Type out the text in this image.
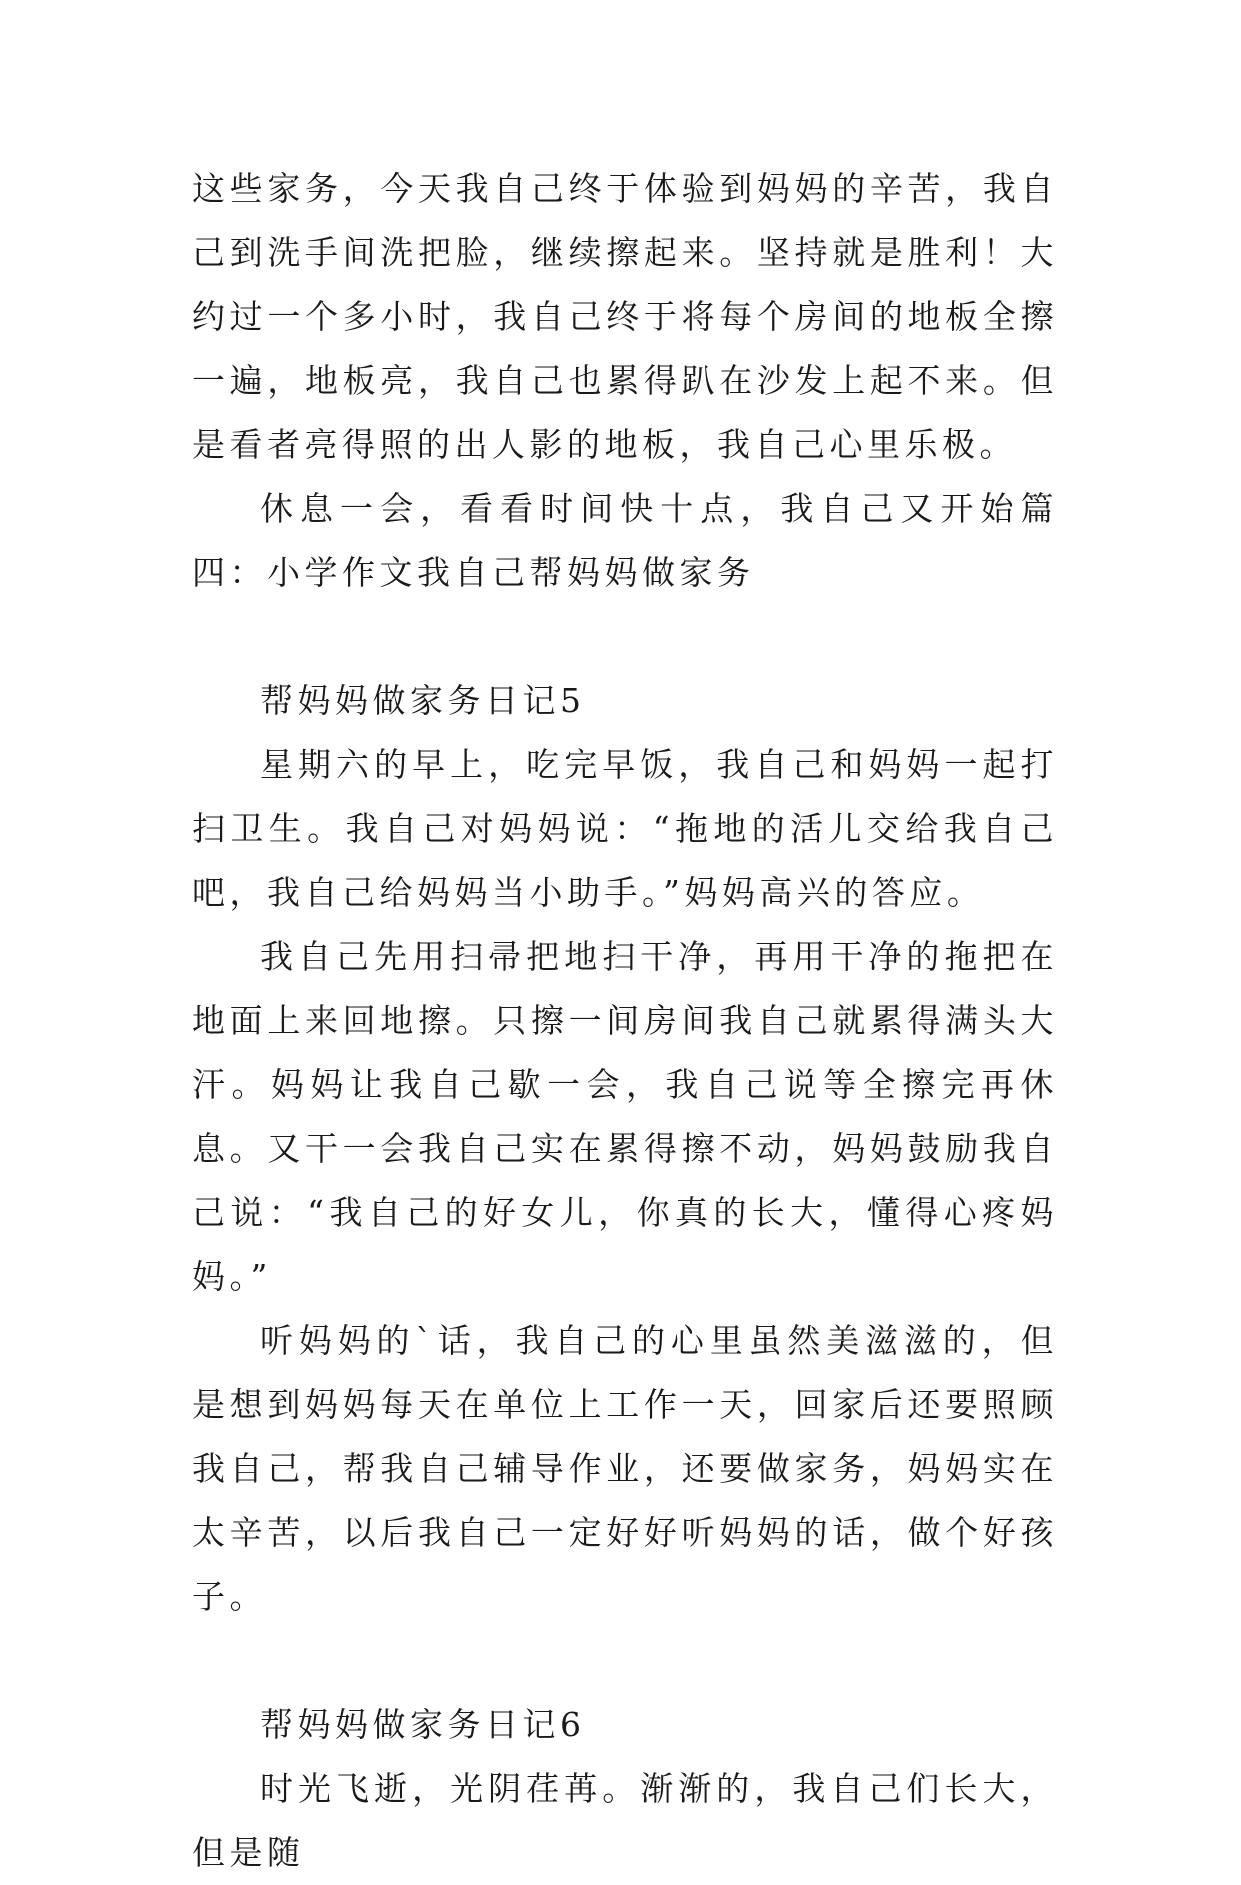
这些家务，今天我自己终于体验到妈妈的辛苦，我自己到洗手间洗把脸，继续擦起来。坚持就是胜利！大约过一个多小时，我自己终于将每个房间的地板全擦一遍，地板亮，我自己也累得趴在沙发上起不来。但是看者亮得照的出人影的地板，我自己心里乐极。

休息一会，看看时间快十点，我自己又开始篇四：小学作文我自己帮妈妈做家务

帮妈妈做家务日记5

星期六的早上，吃完早饭，我自己和妈妈一起打扫卫生。我自己对妈妈说：“拖地的活儿交给我自己吧，我自己给妈妈当小助手。”妈妈高兴的答应。

我自己先用扫帚把地扫干净，再用干净的拖把在地面上来回地擦。只擦一间房间我自己就累得满头大汗。妈妈让我自己歇一会，我自己说等全擦完再休息。又干一会我自己实在累得擦不动，妈妈鼓励我自己说：“我自己的好女儿，你真的长大，懂得心疼妈妈。”

听妈妈的`话，我自己的心里虽然美滋滋的，但是想到妈妈每天在单位上工作一天，回家后还要照顾我自己，帮我自己辅导作业，还要做家务，妈妈实在太辛苦，以后我自己一定好好听妈妈的话，做个好孩子。

帮妈妈做家务日记6

时光飞逝，光阴荏苒。渐渐的，我自己们长大，但是随
